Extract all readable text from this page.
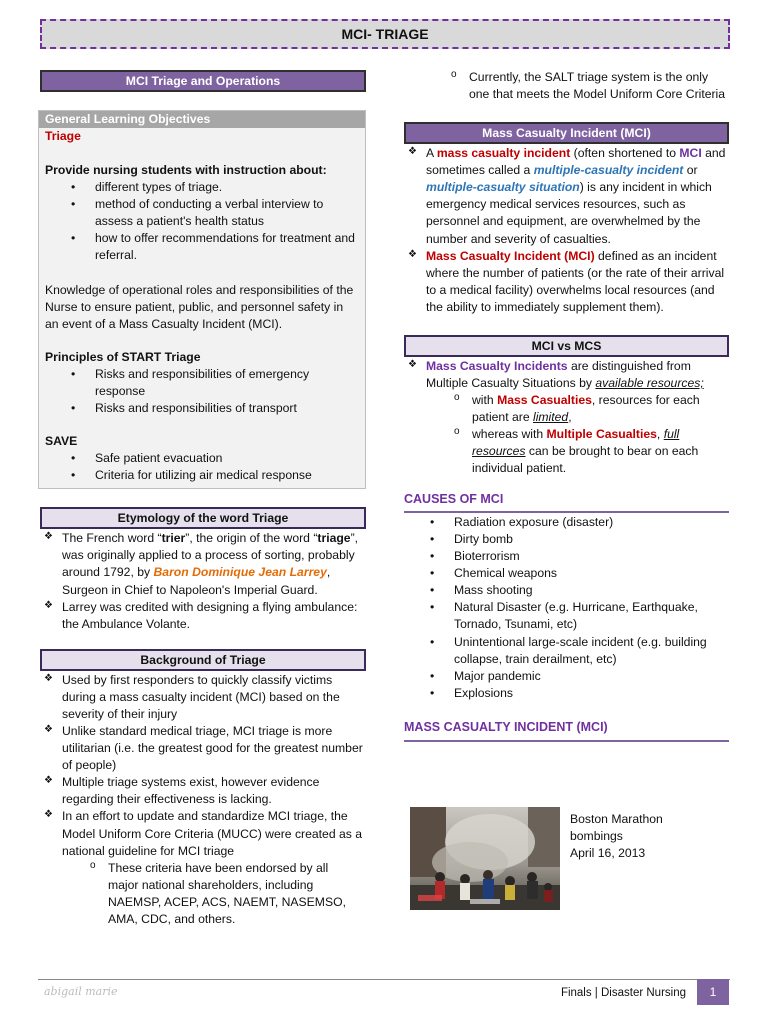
MCI- TRIAGE
MCI Triage and Operations
General Learning Objectives
Triage
Provide nursing students with instruction about:
• different types of triage.
• method of conducting a verbal interview to assess a patient's health status
• how to offer recommendations for treatment and referral.
Knowledge of operational roles and responsibilities of the Nurse to ensure patient, public, and personnel safety in an event of a Mass Casualty Incident (MCI).
Principles of START Triage
• Risks and responsibilities of emergency response
• Risks and responsibilities of transport
SAVE
• Safe patient evacuation
• Criteria for utilizing air medical response
Etymology of the word Triage
❖ The French word “trier”, the origin of the word “triage”, was originally applied to a process of sorting, probably around 1792, by Baron Dominique Jean Larrey, Surgeon in Chief to Napoleon's Imperial Guard.
❖ Larrey was credited with designing a flying ambulance: the Ambulance Volante.
Background of Triage
❖ Used by first responders to quickly classify victims during a mass casualty incident (MCI) based on the severity of their injury
❖ Unlike standard medical triage, MCI triage is more utilitarian (i.e. the greatest good for the greatest number of people)
❖ Multiple triage systems exist, however evidence regarding their effectiveness is lacking.
❖ In an effort to update and standardize MCI triage, the Model Uniform Core Criteria (MUCC) were created as a national guideline for MCI triage
o These criteria have been endorsed by all major national shareholders, including NAEMSP, ACEP, ACS, NAEMT, NASEMSO, AMA, CDC, and others.
o Currently, the SALT triage system is the only one that meets the Model Uniform Core Criteria
Mass Casualty Incident (MCI)
❖ A mass casualty incident (often shortened to MCI and sometimes called a multiple-casualty incident or multiple-casualty situation) is any incident in which emergency medical services resources, such as personnel and equipment, are overwhelmed by the number and severity of casualties.
❖ Mass Casualty Incident (MCI) defined as an incident where the number of patients (or the rate of their arrival to a medical facility) overwhelms local resources (and the ability to immediately supplement them).
MCI vs MCS
❖ Mass Casualty Incidents are distinguished from Multiple Casualty Situations by available resources;
o with Mass Casualties, resources for each patient are limited,
o whereas with Multiple Casualties, full resources can be brought to bear on each individual patient.
CAUSES OF MCI
• Radiation exposure (disaster)
• Dirty bomb
• Bioterrorism
• Chemical weapons
• Mass shooting
• Natural Disaster (e.g. Hurricane, Earthquake, Tornado, Tsunami, etc)
• Unintentional large-scale incident (e.g. building collapse, train derailment, etc)
• Major pandemic
• Explosions
MASS CASUALTY INCIDENT (MCI)
Boston Marathon
bombings
April 16, 2013
abigail marie	Finals | Disaster Nursing	1
